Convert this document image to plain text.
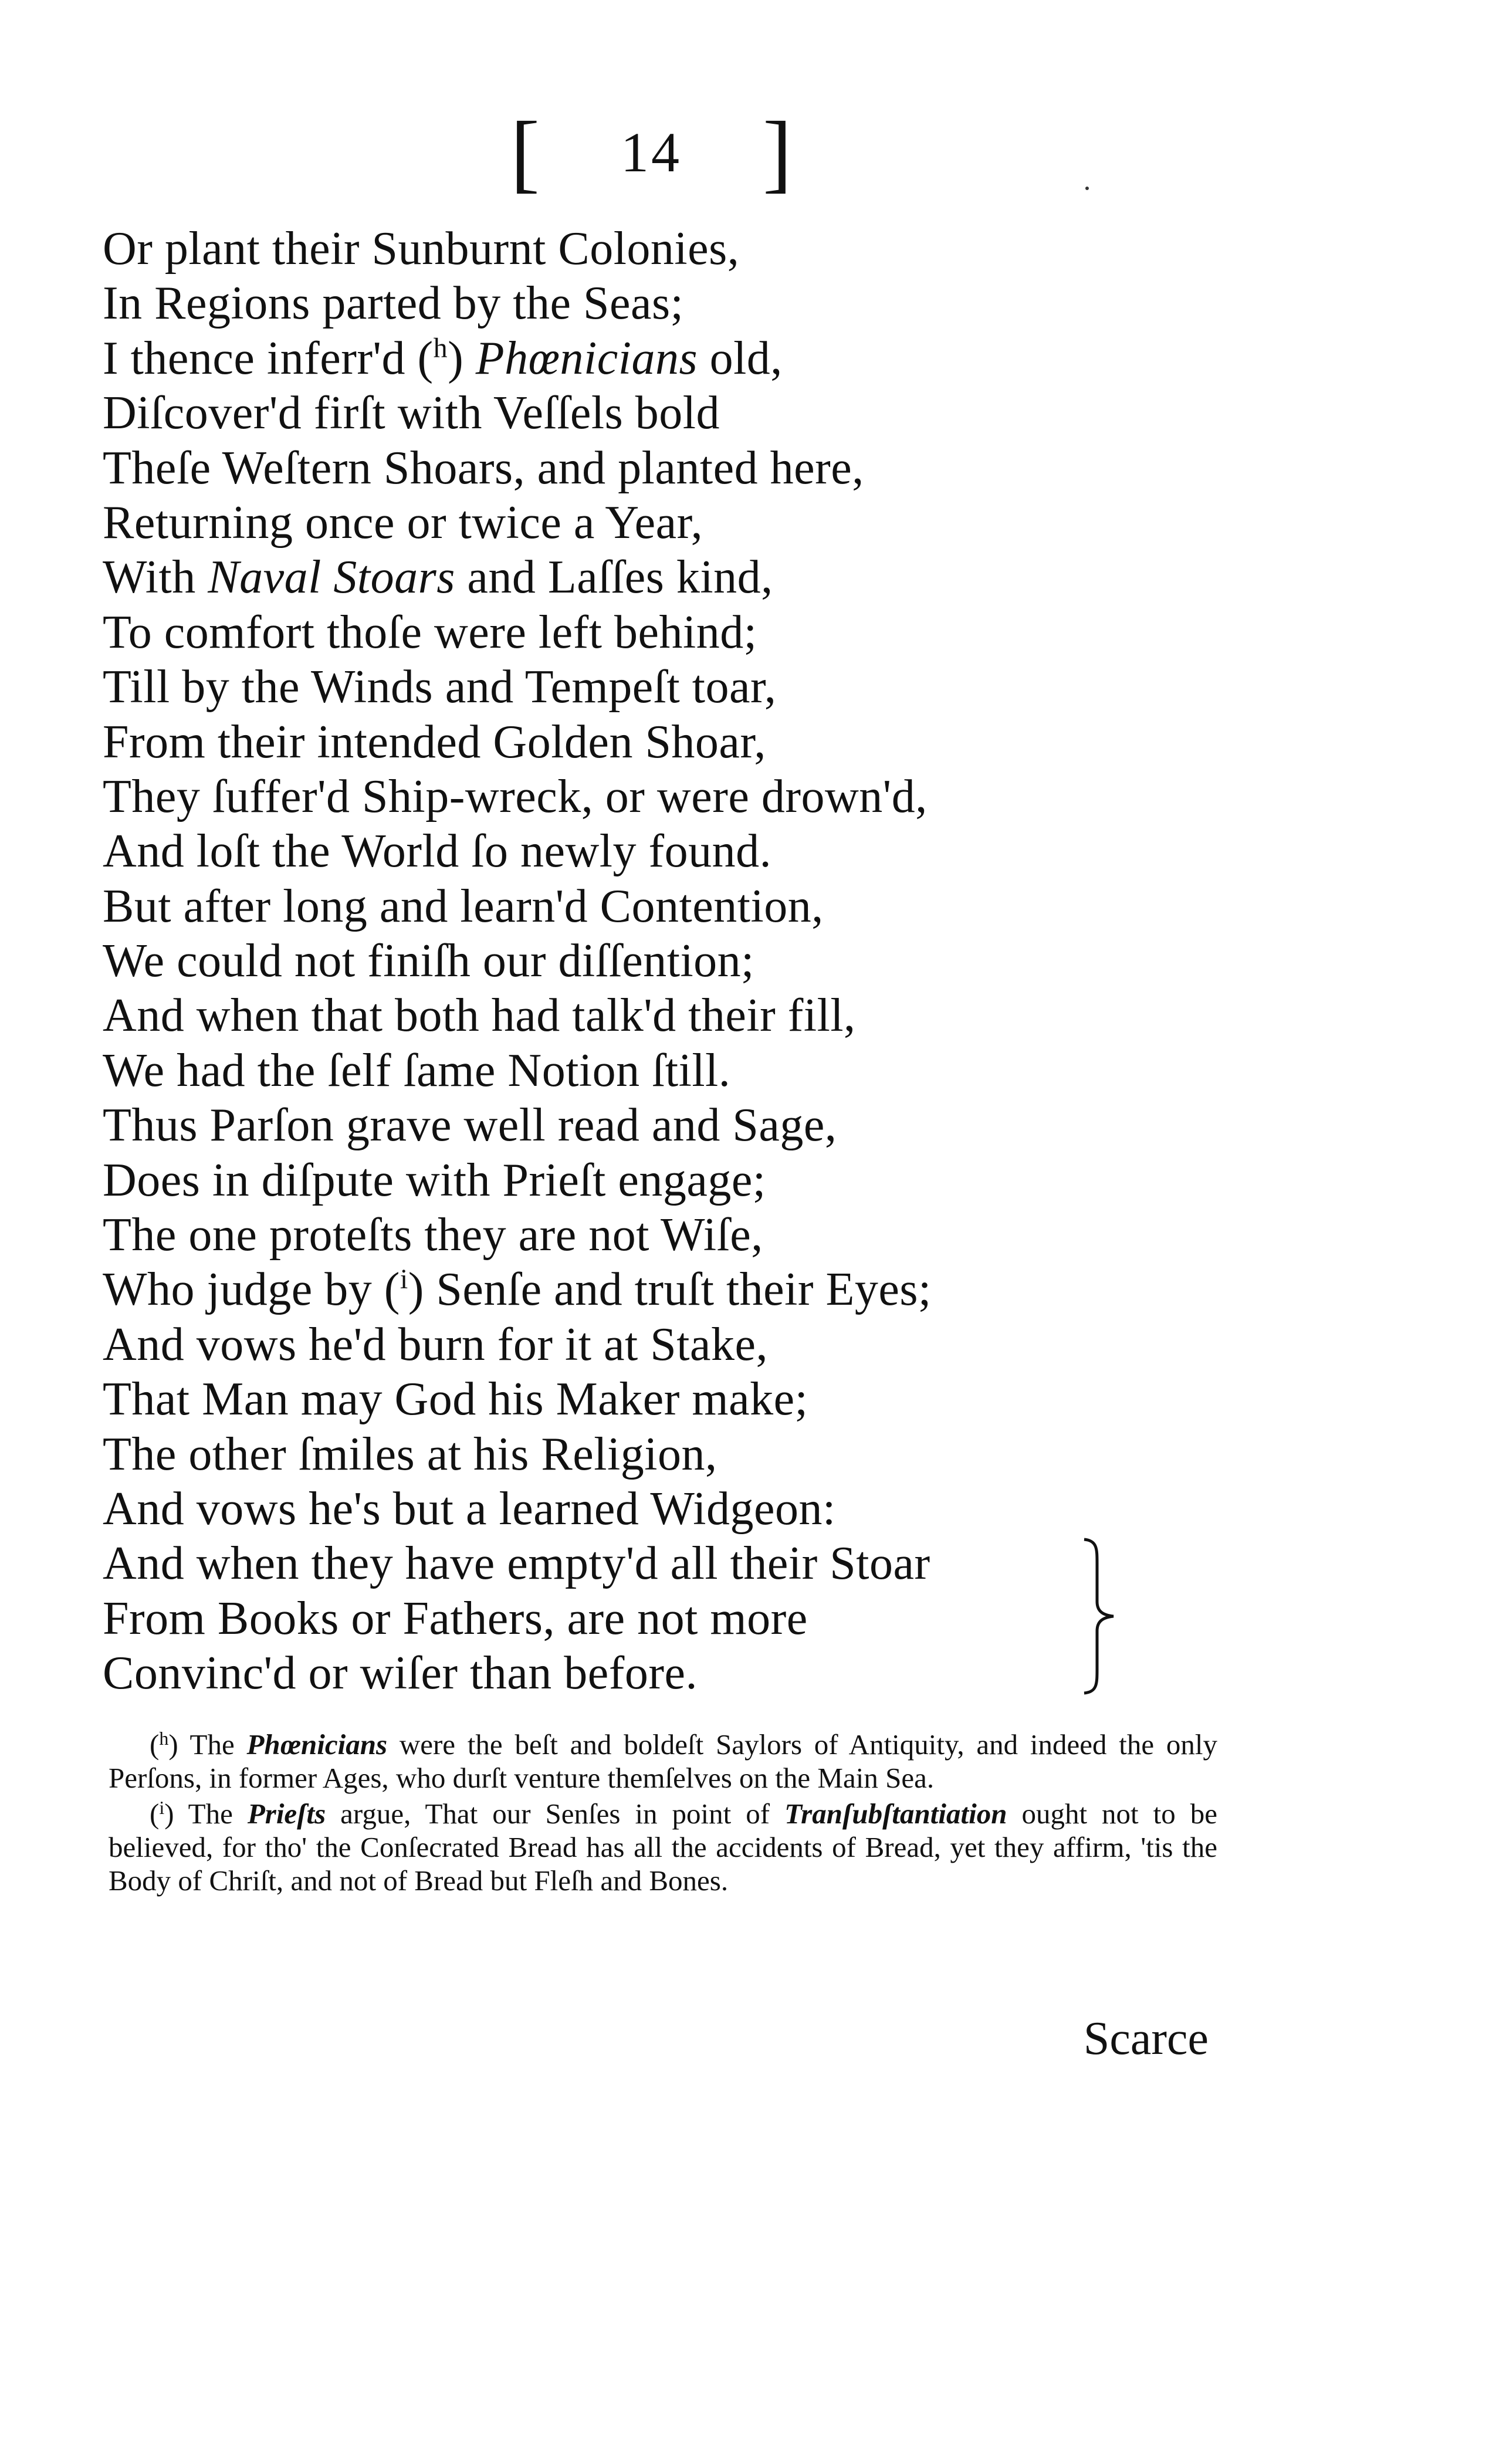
[ 14 ]
Or plant their Sunburnt Colonies,
In Regions parted by the Seas;
I thence inferr'd ($^h$) Phœnicians old,
Diſcover'd firſt with Veſſels bold
Theſe Weſtern Shoars, and planted here,
Returning once or twice a Year,
With Naval Stoars and Laſſes kind,
To comfort thoſe were left behind;
Till by the Winds and Tempeſt toar,
From their intended Golden Shoar,
They ſuffer'd Ship-wreck, or were drown'd,
And loſt the World ſo newly found.
But after long and learn'd Contention,
We could not finiſh our diſſention;
And when that both had talk'd their fill,
We had the ſelf ſame Notion ſtill.
Thus Parſon grave well read and Sage,
Does in diſpute with Prieſt engage;
The one proteſts they are not Wiſe,
Who judge by ($^i$) Senſe and truſt their Eyes;
And vows he'd burn for it at Stake,
That Man may God his Maker make;
The other ſmiles at his Religion,
And vows he's but a learned Widgeon:
And when they have empty'd all their Stoar
From Books or Fathers, are not more
Convinc'd or wiſer than before.

($^h$) The Phœnicians were the beſt and boldeſt Saylors of Antiquity, and indeed the only Perſons, in former Ages, who durſt venture themſelves on the Main Sea.

($^i$) The Prieſts argue, That our Senſes in point of Tranſubſtantiation ought not to be believed, for tho' the Conſecrated Bread has all the accidents of Bread, yet they affirm, 'tis the Body of Chriſt, and not of Bread but Fleſh and Bones.

Scarce
